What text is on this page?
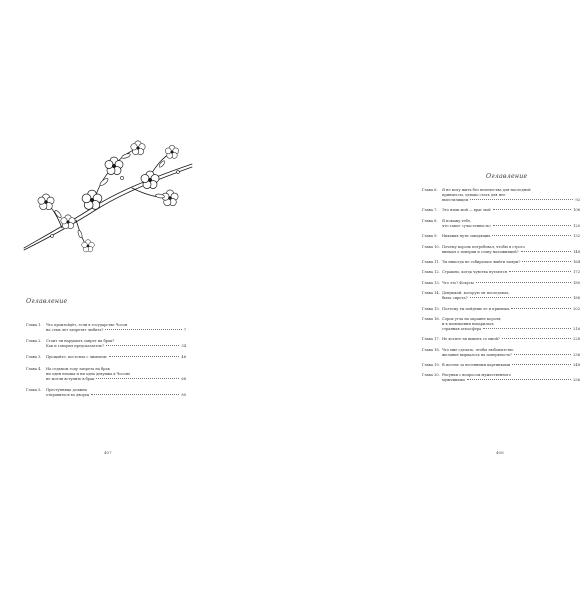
Оглавление
Глава 1. Что произойдёт, если в государстве Чосон
на семь лет запретят любить?	7
Глава 2. Стоит ли нарушать запрет на брак?
Как и говорил предсказатель?	34
Глава 3.	Прощайте, постояла с лимоном	46
Глава 4. На седьмом году запрета на брак
ни один юноша и ни одна девушка в Чосоне
не могли вступить в брак	68
Глава 5. Преступница должна
отправиться во дворец	80
407
Оглавление
Глава 6. Я не могу жить без величества для наследной
принцессы, однако стать для нее
вместилищем	92
Глава 7.	Это язык мой — враг мой	106
Глава 8. Я покажу тебе,
что такое «участливость»	120
Глава 9.	Никаких пути заводящих	132
Глава 10. Почему король потребовал, чтобы я строго
внимал о поверии и стану наложницей?	148
Глава 11. Ты никогда не собиралась выйти замуж?	164
Глава 12. Страшно, когда чувства путаются	172
Глава 13. Что это? Фокусы	180
Глава 14. Девушкой, которую он последовал,
была сирота?	188
Глава 15. Поэтому ты пойдешь ее и примешь	202
Глава 16. Сорок угла на окраине короля,
и в помещении воцарилась
странная атмосфера	216
Глава 17. Не хотите ли выпить со мной?	228
Глава 18. Что мне сделать, чтобы любопытство
желание вырвалось на поверхность?	236
Глава 19. В погоне за весенними картинками	248
Глава 20. Рисунки с вопросом мужественного
мужчинами	256
408
